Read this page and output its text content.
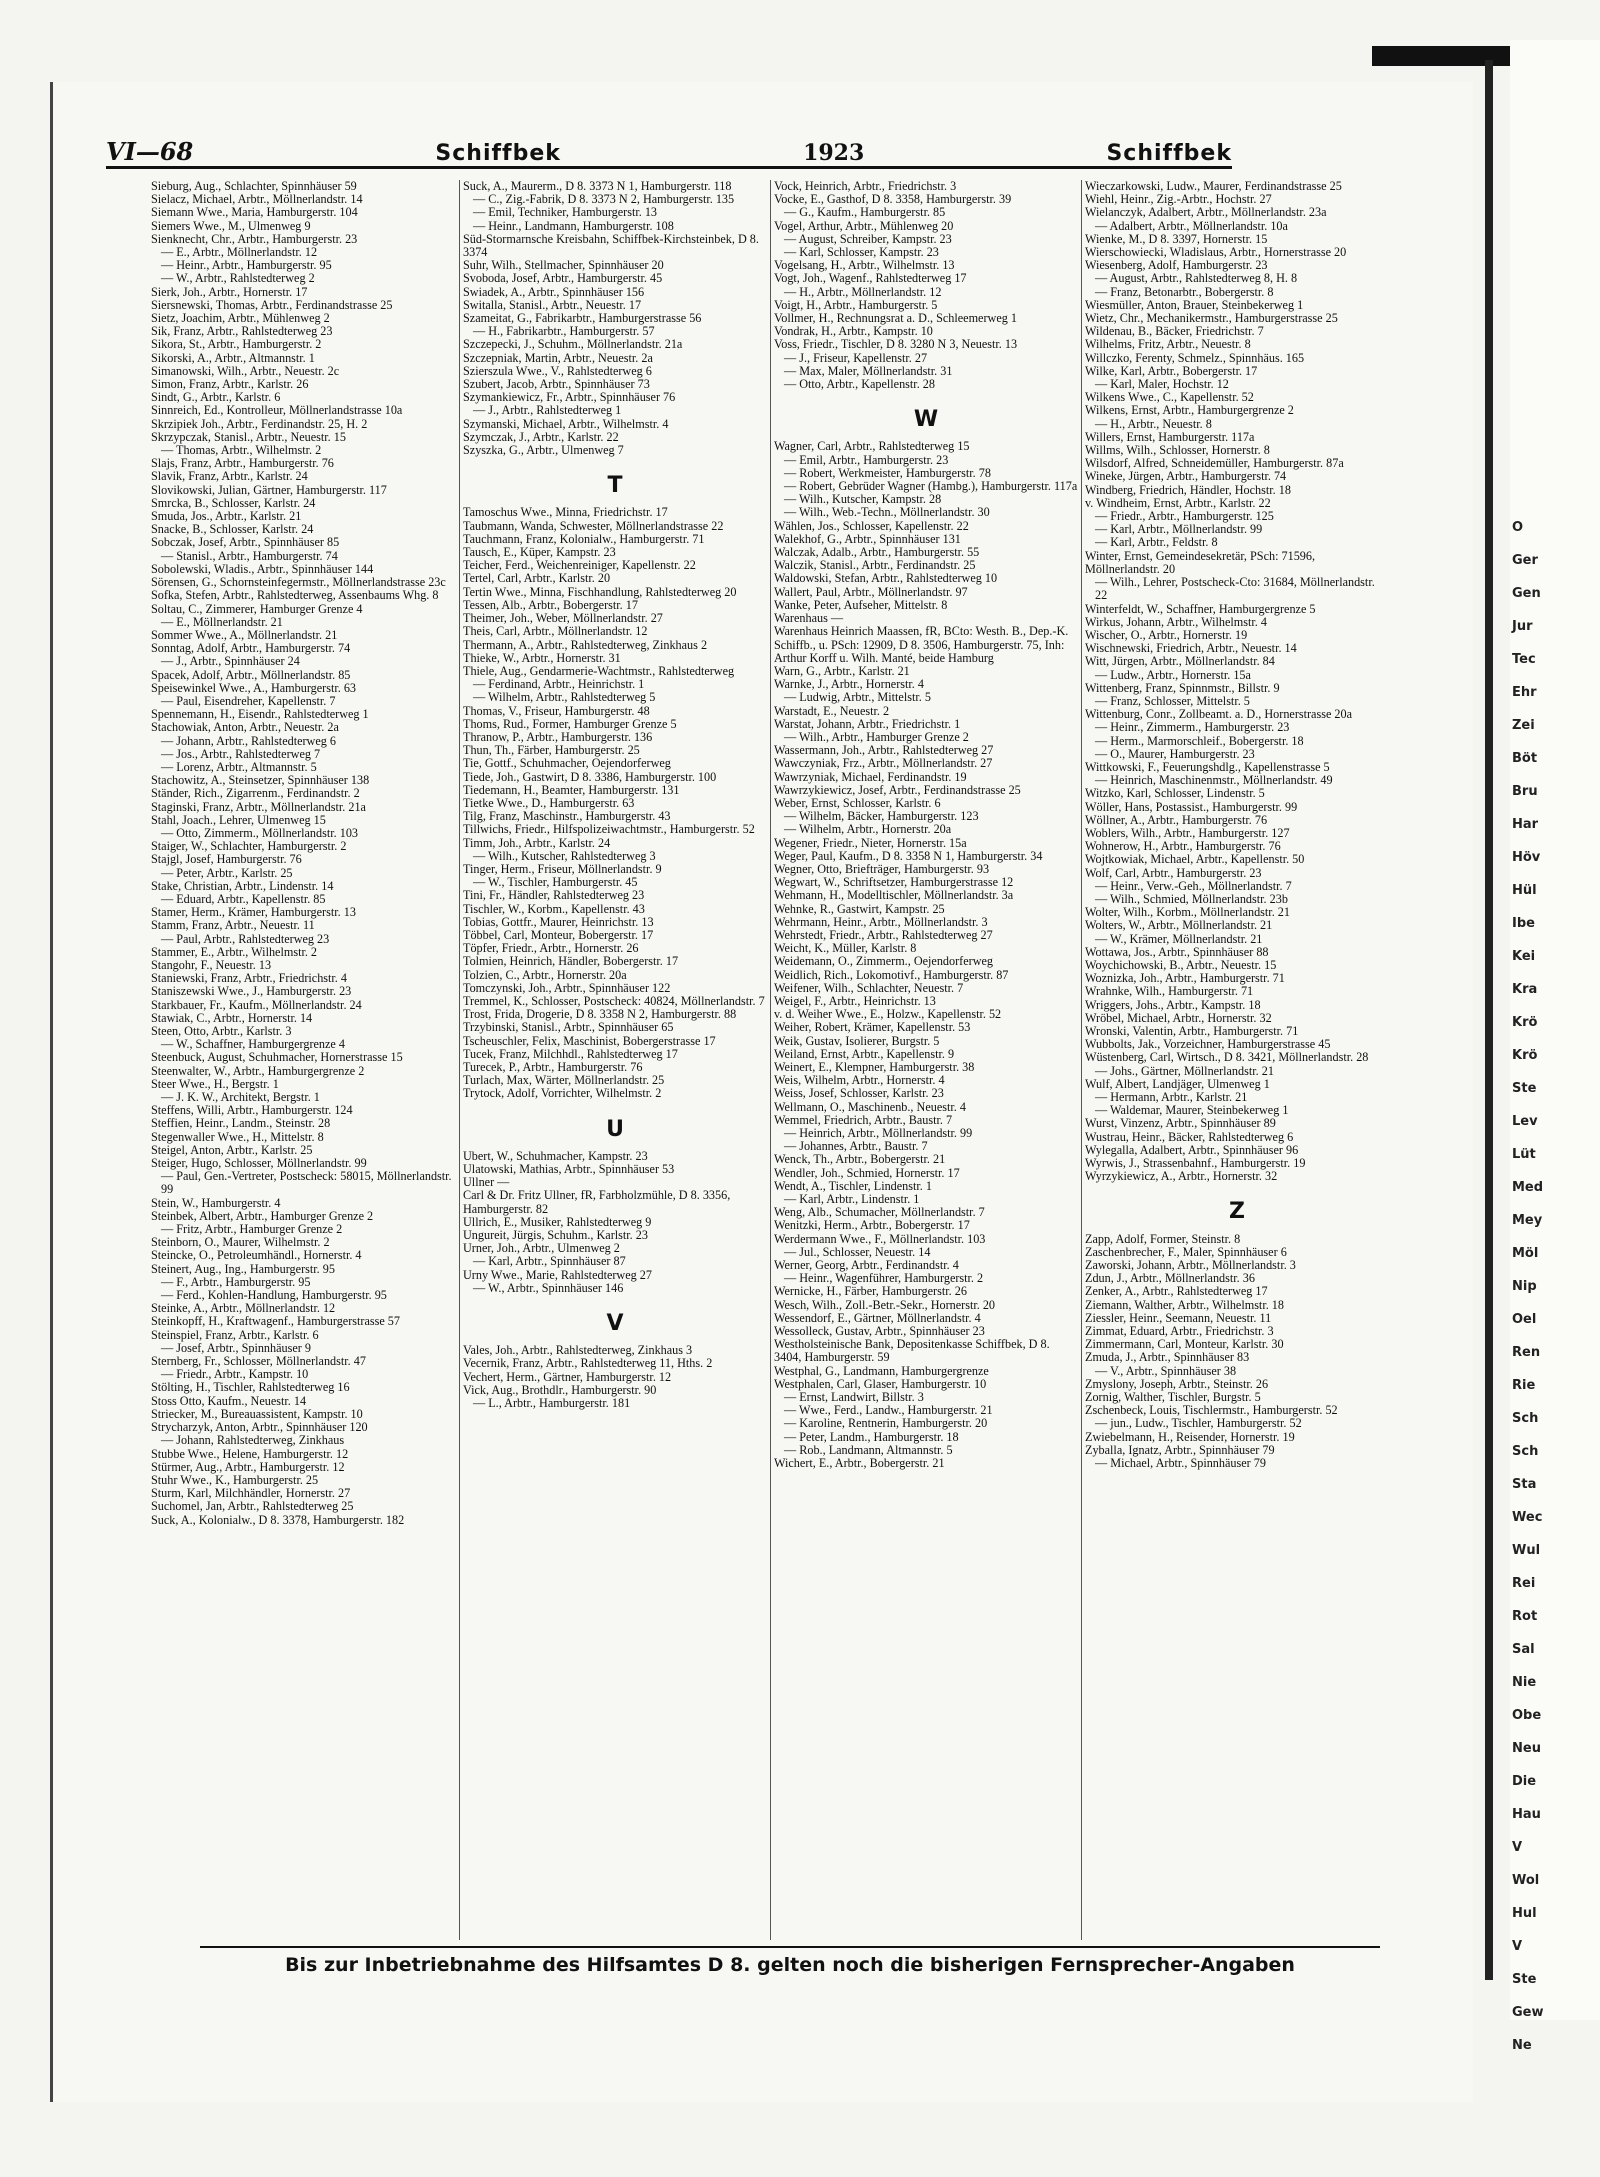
O
Ger
Gen
Jur
Tec
Ehr
Zei
Böt
Bru
Har
Höv
Hül
Ibe
Kei
Kra
Krö
Krö
Ste
Lev
Lüt
Med
Mey
Möl
Nip
Oel
Ren
Rie
Sch
Sch
Sta
Wec
Wul
Rei
Rot
Sal
Nie
Obe
Neu
Die
Hau
V
Wol
Hul
V
Ste
Gew
Ne
VI—68	Schiffbek	1923	Schiffbek
Sieburg, Aug., Schlachter, Spinnhäuser 59
Sielacz, Michael, Arbtr., Möllnerlandstr. 14
Siemann Wwe., Maria, Hamburgerstr. 104
Siemers Wwe., M., Ulmenweg 9
Sienknecht, Chr., Arbtr., Hamburgerstr. 23
— E., Arbtr., Möllnerlandstr. 12
— Heinr., Arbtr., Hamburgerstr. 95
— W., Arbtr., Rahlstedterweg 2
Sierk, Joh., Arbtr., Hornerstr. 17
Siersnewski, Thomas, Arbtr., Ferdinandstrasse 25
Sietz, Joachim, Arbtr., Mühlenweg 2
Sik, Franz, Arbtr., Rahlstedterweg 23
Sikora, St., Arbtr., Hamburgerstr. 2
Sikorski, A., Arbtr., Altmannstr. 1
Simanowski, Wilh., Arbtr., Neuestr. 2c
Simon, Franz, Arbtr., Karlstr. 26
Sindt, G., Arbtr., Karlstr. 6
Sinnreich, Ed., Kontrolleur, Möllnerlandstrasse 10a
Skrzipiek Joh., Arbtr., Ferdinandstr. 25, H. 2
Skrzypczak, Stanisl., Arbtr., Neuestr. 15
— Thomas, Arbtr., Wilhelmstr. 2
Slajs, Franz, Arbtr., Hamburgerstr. 76
Slavik, Franz, Arbtr., Karlstr. 24
Slovikowski, Julian, Gärtner, Hamburgerstr. 117
Smrcka, B., Schlosser, Karlstr. 24
Smuda, Jos., Arbtr., Karlstr. 21
Snacke, B., Schlosser, Karlstr. 24
Sobczak, Josef, Arbtr., Spinnhäuser 85
— Stanisl., Arbtr., Hamburgerstr. 74
Sobolewski, Wladis., Arbtr., Spinnhäuser 144
Sörensen, G., Schornsteinfegermstr., Möllnerlandstrasse 23c
Sofka, Stefen, Arbtr., Rahlstedterweg, Assenbaums Whg. 8
Soltau, C., Zimmerer, Hamburger Grenze 4
— E., Möllnerlandstr. 21
Sommer Wwe., A., Möllnerlandstr. 21
Sonntag, Adolf, Arbtr., Hamburgerstr. 74
— J., Arbtr., Spinnhäuser 24
Spacek, Adolf, Arbtr., Möllnerlandstr. 85
Speisewinkel Wwe., A., Hamburgerstr. 63
— Paul, Eisendreher, Kapellenstr. 7
Spennemann, H., Eisendr., Rahlstedterweg 1
Stachowiak, Anton, Arbtr., Neuestr. 2a
— Johann, Arbtr., Rahlstedterweg 6
— Jos., Arbtr., Rahlstedterweg 7
— Lorenz, Arbtr., Altmannstr. 5
Stachowitz, A., Steinsetzer, Spinnhäuser 138
Ständer, Rich., Zigarrenm., Ferdinandstr. 2
Staginski, Franz, Arbtr., Möllnerlandstr. 21a
Stahl, Joach., Lehrer, Ulmenweg 15
— Otto, Zimmerm., Möllnerlandstr. 103
Staiger, W., Schlachter, Hamburgerstr. 2
Stajgl, Josef, Hamburgerstr. 76
— Peter, Arbtr., Karlstr. 25
Stake, Christian, Arbtr., Lindenstr. 14
— Eduard, Arbtr., Kapellenstr. 85
Stamer, Herm., Krämer, Hamburgerstr. 13
Stamm, Franz, Arbtr., Neuestr. 11
— Paul, Arbtr., Rahlstedterweg 23
Stammer, E., Arbtr., Wilhelmstr. 2
Stangohr, F., Neuestr. 13
Staniewski, Franz, Arbtr., Friedrichstr. 4
Staniszewski Wwe., J., Hamburgerstr. 23
Starkbauer, Fr., Kaufm., Möllnerlandstr. 24
Stawiak, C., Arbtr., Hornerstr. 14
Steen, Otto, Arbtr., Karlstr. 3
— W., Schaffner, Hamburgergrenze 4
Steenbuck, August, Schuhmacher, Hornerstrasse 15
Steenwalter, W., Arbtr., Hamburgergrenze 2
Steer Wwe., H., Bergstr. 1
— J. K. W., Architekt, Bergstr. 1
Steffens, Willi, Arbtr., Hamburgerstr. 124
Steffien, Heinr., Landm., Steinstr. 28
Stegenwaller Wwe., H., Mittelstr. 8
Steigel, Anton, Arbtr., Karlstr. 25
Steiger, Hugo, Schlosser, Möllnerlandstr. 99
— Paul, Gen.-Vertreter, Postscheck: 58015, Möllnerlandstr. 99
Stein, W., Hamburgerstr. 4
Steinbek, Albert, Arbtr., Hamburger Grenze 2
— Fritz, Arbtr., Hamburger Grenze 2
Steinborn, O., Maurer, Wilhelmstr. 2
Steincke, O., Petroleumhändl., Hornerstr. 4
Steinert, Aug., Ing., Hamburgerstr. 95
— F., Arbtr., Hamburgerstr. 95
— Ferd., Kohlen-Handlung, Hamburgerstr. 95
Steinke, A., Arbtr., Möllnerlandstr. 12
Steinkopff, H., Kraftwagenf., Hamburgerstrasse 57
Steinspiel, Franz, Arbtr., Karlstr. 6
— Josef, Arbtr., Spinnhäuser 9
Sternberg, Fr., Schlosser, Möllnerlandstr. 47
— Friedr., Arbtr., Kampstr. 10
Stölting, H., Tischler, Rahlstedterweg 16
Stoss Otto, Kaufm., Neuestr. 14
Striecker, M., Bureauassistent, Kampstr. 10
Strycharzyk, Anton, Arbtr., Spinnhäuser 120
— Johann, Rahlstedterweg, Zinkhaus
Stubbe Wwe., Helene, Hamburgerstr. 12
Stürmer, Aug., Arbtr., Hamburgerstr. 12
Stuhr Wwe., K., Hamburgerstr. 25
Sturm, Karl, Milchhändler, Hornerstr. 27
Suchomel, Jan, Arbtr., Rahlstedterweg 25
Suck, A., Kolonialw., D 8. 3378, Hamburgerstr. 182
Suck, A., Maurerm., D 8. 3373 N 1, Hamburgerstr. 118
— C., Zig.-Fabrik, D 8. 3373 N 2, Hamburgerstr. 135
— Emil, Techniker, Hamburgerstr. 13
— Heinr., Landmann, Hamburgerstr. 108
Süd-Stormarnsche Kreisbahn, Schiffbek-Kirchsteinbek, D 8. 3374
Suhr, Wilh., Stellmacher, Spinnhäuser 20
Svoboda, Josef, Arbtr., Hamburgerstr. 45
Swiadek, A., Arbtr., Spinnhäuser 156
Switalla, Stanisl., Arbtr., Neuestr. 17
Szameitat, G., Fabrikarbtr., Hamburgerstrasse 56
— H., Fabrikarbtr., Hamburgerstr. 57
Szczepecki, J., Schuhm., Möllnerlandstr. 21a
Szczepniak, Martin, Arbtr., Neuestr. 2a
Szierszula Wwe., V., Rahlstedterweg 6
Szubert, Jacob, Arbtr., Spinnhäuser 73
Szymankiewicz, Fr., Arbtr., Spinnhäuser 76
— J., Arbtr., Rahlstedterweg 1
Szymanski, Michael, Arbtr., Wilhelmstr. 4
Szymczak, J., Arbtr., Karlstr. 22
Szyszka, G., Arbtr., Ulmenweg 7
T
Tamoschus Wwe., Minna, Friedrichstr. 17
Taubmann, Wanda, Schwester, Möllnerlandstrasse 22
Tauchmann, Franz, Kolonialw., Hamburgerstr. 71
Tausch, E., Küper, Kampstr. 23
Teicher, Ferd., Weichenreiniger, Kapellenstr. 22
Tertel, Carl, Arbtr., Karlstr. 20
Tertin Wwe., Minna, Fischhandlung, Rahlstedterweg 20
Tessen, Alb., Arbtr., Bobergerstr. 17
Theimer, Joh., Weber, Möllnerlandstr. 27
Theis, Carl, Arbtr., Möllnerlandstr. 12
Thermann, A., Arbtr., Rahlstedterweg, Zinkhaus 2
Thieke, W., Arbtr., Hornerstr. 31
Thiele, Aug., Gendarmerie-Wachtmstr., Rahlstedterweg
— Ferdinand, Arbtr., Heinrichstr. 1
— Wilhelm, Arbtr., Rahlstedterweg 5
Thomas, V., Friseur, Hamburgerstr. 48
Thoms, Rud., Former, Hamburger Grenze 5
Thranow, P., Arbtr., Hamburgerstr. 136
Thun, Th., Färber, Hamburgerstr. 25
Tie, Gottf., Schuhmacher, Oejendorferweg
Tiede, Joh., Gastwirt, D 8. 3386, Hamburgerstr. 100
Tiedemann, H., Beamter, Hamburgerstr. 131
Tietke Wwe., D., Hamburgerstr. 63
Tilg, Franz, Maschinstr., Hamburgerstr. 43
Tillwichs, Friedr., Hilfspolizeiwachtmstr., Hamburgerstr. 52
Timm, Joh., Arbtr., Karlstr. 24
— Wilh., Kutscher, Rahlstedterweg 3
Tinger, Herm., Friseur, Möllnerlandstr. 9
— W., Tischler, Hamburgerstr. 45
Tini, Fr., Händler, Rahlstedterweg 23
Tischler, W., Korbm., Kapellenstr. 43
Tobias, Gottfr., Maurer, Heinrichstr. 13
Többel, Carl, Monteur, Bobergerstr. 17
Töpfer, Friedr., Arbtr., Hornerstr. 26
Tolmien, Heinrich, Händler, Bobergerstr. 17
Tolzien, C., Arbtr., Hornerstr. 20a
Tomczynski, Joh., Arbtr., Spinnhäuser 122
Tremmel, K., Schlosser, Postscheck: 40824, Möllnerlandstr. 7
Trost, Frida, Drogerie, D 8. 3358 N 2, Hamburgerstr. 88
Trzybinski, Stanisl., Arbtr., Spinnhäuser 65
Tscheuschler, Felix, Maschinist, Bobergerstrasse 17
Tucek, Franz, Milchhdl., Rahlstedterweg 17
Turecek, P., Arbtr., Hamburgerstr. 76
Turlach, Max, Wärter, Möllnerlandstr. 25
Trytock, Adolf, Vorrichter, Wilhelmstr. 2
U
Ubert, W., Schuhmacher, Kampstr. 23
Ulatowski, Mathias, Arbtr., Spinnhäuser 53
Ullner —
Carl & Dr. Fritz Ullner, fR, Farbholzmühle, D 8. 3356, Hamburgerstr. 82
Ullrich, E., Musiker, Rahlstedterweg 9
Ungureit, Jürgis, Schuhm., Karlstr. 23
Urner, Joh., Arbtr., Ulmenweg 2
— Karl, Arbtr., Spinnhäuser 87
Urny Wwe., Marie, Rahlstedterweg 27
— W., Arbtr., Spinnhäuser 146
V
Vales, Joh., Arbtr., Rahlstedterweg, Zinkhaus 3
Vecernik, Franz, Arbtr., Rahlstedterweg 11, Hths. 2
Vechert, Herm., Gärtner, Hamburgerstr. 12
Vick, Aug., Brothdlr., Hamburgerstr. 90
— L., Arbtr., Hamburgerstr. 181
Vock, Heinrich, Arbtr., Friedrichstr. 3
Vocke, E., Gasthof, D 8. 3358, Hamburgerstr. 39
— G., Kaufm., Hamburgerstr. 85
Vogel, Arthur, Arbtr., Mühlenweg 20
— August, Schreiber, Kampstr. 23
— Karl, Schlosser, Kampstr. 23
Vogelsang, H., Arbtr., Wilhelmstr. 13
Vogt, Joh., Wagenf., Rahlstedterweg 17
— H., Arbtr., Möllnerlandstr. 12
Voigt, H., Arbtr., Hamburgerstr. 5
Vollmer, H., Rechnungsrat a. D., Schleemerweg 1
Vondrak, H., Arbtr., Kampstr. 10
Voss, Friedr., Tischler, D 8. 3280 N 3, Neuestr. 13
— J., Friseur, Kapellenstr. 27
— Max, Maler, Möllnerlandstr. 31
— Otto, Arbtr., Kapellenstr. 28
W
Wagner, Carl, Arbtr., Rahlstedterweg 15
— Emil, Arbtr., Hamburgerstr. 23
— Robert, Werkmeister, Hamburgerstr. 78
— Robert, Gebrüder Wagner (Hambg.), Hamburgerstr. 117a
— Wilh., Kutscher, Kampstr. 28
— Wilh., Web.-Techn., Möllnerlandstr. 30
Wählen, Jos., Schlosser, Kapellenstr. 22
Walekhof, G., Arbtr., Spinnhäuser 131
Walczak, Adalb., Arbtr., Hamburgerstr. 55
Walczik, Stanisl., Arbtr., Ferdinandstr. 25
Waldowski, Stefan, Arbtr., Rahlstedterweg 10
Wallert, Paul, Arbtr., Möllnerlandstr. 97
Wanke, Peter, Aufseher, Mittelstr. 8
Warenhaus —
Warenhaus Heinrich Maassen, fR, BCto: Westh. B., Dep.-K. Schiffb., u. PSch: 12909, D 8. 3506, Hamburgerstr. 75, Inh: Arthur Korff u. Wilh. Manté, beide Hamburg
Warn, G., Arbtr., Karlstr. 21
Warnke, J., Arbtr., Hornerstr. 4
— Ludwig, Arbtr., Mittelstr. 5
Warstadt, E., Neuestr. 2
Warstat, Johann, Arbtr., Friedrichstr. 1
— Wilh., Arbtr., Hamburger Grenze 2
Wassermann, Joh., Arbtr., Rahlstedterweg 27
Wawczyniak, Frz., Arbtr., Möllnerlandstr. 27
Wawrzyniak, Michael, Ferdinandstr. 19
Wawrzykiewicz, Josef, Arbtr., Ferdinandstrasse 25
Weber, Ernst, Schlosser, Karlstr. 6
— Wilhelm, Bäcker, Hamburgerstr. 123
— Wilhelm, Arbtr., Hornerstr. 20a
Wegener, Friedr., Nieter, Hornerstr. 15a
Weger, Paul, Kaufm., D 8. 3358 N 1, Hamburgerstr. 34
Wegner, Otto, Briefträger, Hamburgerstr. 93
Wegwart, W., Schriftsetzer, Hamburgerstrasse 12
Wehmann, H., Modelltischler, Möllnerlandstr. 3a
Wehnke, R., Gastwirt, Kampstr. 25
Wehrmann, Heinr., Arbtr., Möllnerlandstr. 3
Wehrstedt, Friedr., Arbtr., Rahlstedterweg 27
Weicht, K., Müller, Karlstr. 8
Weidemann, O., Zimmerm., Oejendorferweg
Weidlich, Rich., Lokomotivf., Hamburgerstr. 87
Weifener, Wilh., Schlachter, Neuestr. 7
Weigel, F., Arbtr., Heinrichstr. 13
v. d. Weiher Wwe., E., Holzw., Kapellenstr. 52
Weiher, Robert, Krämer, Kapellenstr. 53
Weik, Gustav, Isolierer, Burgstr. 5
Weiland, Ernst, Arbtr., Kapellenstr. 9
Weinert, E., Klempner, Hamburgerstr. 38
Weis, Wilhelm, Arbtr., Hornerstr. 4
Weiss, Josef, Schlosser, Karlstr. 23
Wellmann, O., Maschinenb., Neuestr. 4
Wemmel, Friedrich, Arbtr., Baustr. 7
— Heinrich, Arbtr., Möllnerlandstr. 99
— Johannes, Arbtr., Baustr. 7
Wenck, Th., Arbtr., Bobergerstr. 21
Wendler, Joh., Schmied, Hornerstr. 17
Wendt, A., Tischler, Lindenstr. 1
— Karl, Arbtr., Lindenstr. 1
Weng, Alb., Schumacher, Möllnerlandstr. 7
Wenitzki, Herm., Arbtr., Bobergerstr. 17
Werdermann Wwe., F., Möllnerlandstr. 103
— Jul., Schlosser, Neuestr. 14
Werner, Georg, Arbtr., Ferdinandstr. 4
— Heinr., Wagenführer, Hamburgerstr. 2
Wernicke, H., Färber, Hamburgerstr. 26
Wesch, Wilh., Zoll.-Betr.-Sekr., Hornerstr. 20
Wessendorf, E., Gärtner, Möllnerlandstr. 4
Wessolleck, Gustav, Arbtr., Spinnhäuser 23
Westholsteinische Bank, Depositenkasse Schiffbek, D 8. 3404, Hamburgerstr. 59
Westphal, G., Landmann, Hamburgergrenze
Westphalen, Carl, Glaser, Hamburgerstr. 10
— Ernst, Landwirt, Billstr. 3
— Wwe., Ferd., Landw., Hamburgerstr. 21
— Karoline, Rentnerin, Hamburgerstr. 20
— Peter, Landm., Hamburgerstr. 18
— Rob., Landmann, Altmannstr. 5
Wichert, E., Arbtr., Bobergerstr. 21
Wieczarkowski, Ludw., Maurer, Ferdinandstrasse 25
Wiehl, Heinr., Zig.-Arbtr., Hochstr. 27
Wielanczyk, Adalbert, Arbtr., Möllnerlandstr. 23a
— Adalbert, Arbtr., Möllnerlandstr. 10a
Wienke, M., D 8. 3397, Hornerstr. 15
Wierschowiecki, Wladislaus, Arbtr., Hornerstrasse 20
Wiesenberg, Adolf, Hamburgerstr. 23
— August, Arbtr., Rahlstedterweg 8, H. 8
— Franz, Betonarbtr., Bobergerstr. 8
Wiesmüller, Anton, Brauer, Steinbekerweg 1
Wietz, Chr., Mechanikermstr., Hamburgerstrasse 25
Wildenau, B., Bäcker, Friedrichstr. 7
Wilhelms, Fritz, Arbtr., Neuestr. 8
Willczko, Ferenty, Schmelz., Spinnhäus. 165
Wilke, Karl, Arbtr., Bobergerstr. 17
— Karl, Maler, Hochstr. 12
Wilkens Wwe., C., Kapellenstr. 52
Wilkens, Ernst, Arbtr., Hamburgergrenze 2
— H., Arbtr., Neuestr. 8
Willers, Ernst, Hamburgerstr. 117a
Willms, Wilh., Schlosser, Hornerstr. 8
Wilsdorf, Alfred, Schneidemüller, Hamburgerstr. 87a
Wineke, Jürgen, Arbtr., Hamburgerstr. 74
Windberg, Friedrich, Händler, Hochstr. 18
v. Windheim, Ernst, Arbtr., Karlstr. 22
— Friedr., Arbtr., Hamburgerstr. 125
— Karl, Arbtr., Möllnerlandstr. 99
— Karl, Arbtr., Feldstr. 8
Winter, Ernst, Gemeindesekretär, PSch: 71596, Möllnerlandstr. 20
— Wilh., Lehrer, Postscheck-Cto: 31684, Möllnerlandstr. 22
Winterfeldt, W., Schaffner, Hamburgergrenze 5
Wirkus, Johann, Arbtr., Wilhelmstr. 4
Wischer, O., Arbtr., Hornerstr. 19
Wischnewski, Friedrich, Arbtr., Neuestr. 14
Witt, Jürgen, Arbtr., Möllnerlandstr. 84
— Ludw., Arbtr., Hornerstr. 15a
Wittenberg, Franz, Spinnmstr., Billstr. 9
— Franz, Schlosser, Mittelstr. 5
Wittenburg, Conr., Zollbeamt. a. D., Hornerstrasse 20a
— Heinr., Zimmerm., Hamburgerstr. 23
— Herm., Marmorschleif., Bobergerstr. 18
— O., Maurer, Hamburgerstr. 23
Wittkowski, F., Feuerungshdlg., Kapellenstrasse 5
— Heinrich, Maschinenmstr., Möllnerlandstr. 49
Witzko, Karl, Schlosser, Lindenstr. 5
Wöller, Hans, Postassist., Hamburgerstr. 99
Wöllner, A., Arbtr., Hamburgerstr. 76
Woblers, Wilh., Arbtr., Hamburgerstr. 127
Wohnerow, H., Arbtr., Hamburgerstr. 76
Wojtkowiak, Michael, Arbtr., Kapellenstr. 50
Wolf, Carl, Arbtr., Hamburgerstr. 23
— Heinr., Verw.-Geh., Möllnerlandstr. 7
— Wilh., Schmied, Möllnerlandstr. 23b
Wolter, Wilh., Korbm., Möllnerlandstr. 21
Wolters, W., Arbtr., Möllnerlandstr. 21
— W., Krämer, Möllnerlandstr. 21
Wottawa, Jos., Arbtr., Spinnhäuser 88
Woychichowski, B., Arbtr., Neuestr. 15
Woznizka, Joh., Arbtr., Hamburgerstr. 71
Wrahnke, Wilh., Hamburgerstr. 71
Wriggers, Johs., Arbtr., Kampstr. 18
Wröbel, Michael, Arbtr., Hornerstr. 32
Wronski, Valentin, Arbtr., Hamburgerstr. 71
Wubbolts, Jak., Vorzeichner, Hamburgerstrasse 45
Wüstenberg, Carl, Wirtsch., D 8. 3421, Möllnerlandstr. 28
— Johs., Gärtner, Möllnerlandstr. 21
Wulf, Albert, Landjäger, Ulmenweg 1
— Hermann, Arbtr., Karlstr. 21
— Waldemar, Maurer, Steinbekerweg 1
Wurst, Vinzenz, Arbtr., Spinnhäuser 89
Wustrau, Heinr., Bäcker, Rahlstedterweg 6
Wylegalla, Adalbert, Arbtr., Spinnhäuser 96
Wyrwis, J., Strassenbahnf., Hamburgerstr. 19
Wyrzykiewicz, A., Arbtr., Hornerstr. 32
Z
Zapp, Adolf, Former, Steinstr. 8
Zaschenbrecher, F., Maler, Spinnhäuser 6
Zaworski, Johann, Arbtr., Möllnerlandstr. 3
Zdun, J., Arbtr., Möllnerlandstr. 36
Zenker, A., Arbtr., Rahlstedterweg 17
Ziemann, Walther, Arbtr., Wilhelmstr. 18
Ziessler, Heinr., Seemann, Neuestr. 11
Zimmat, Eduard, Arbtr., Friedrichstr. 3
Zimmermann, Carl, Monteur, Karlstr. 30
Zmuda, J., Arbtr., Spinnhäuser 83
— V., Arbtr., Spinnhäuser 38
Zmyslony, Joseph, Arbtr., Steinstr. 26
Zornig, Walther, Tischler, Burgstr. 5
Zschenbeck, Louis, Tischlermstr., Hamburgerstr. 52
— jun., Ludw., Tischler, Hamburgerstr. 52
Zwiebelmann, H., Reisender, Hornerstr. 19
Zyballa, Ignatz, Arbtr., Spinnhäuser 79
— Michael, Arbtr., Spinnhäuser 79
Bis zur Inbetriebnahme des Hilfsamtes D 8. gelten noch die bisherigen Fernsprecher-Angaben
